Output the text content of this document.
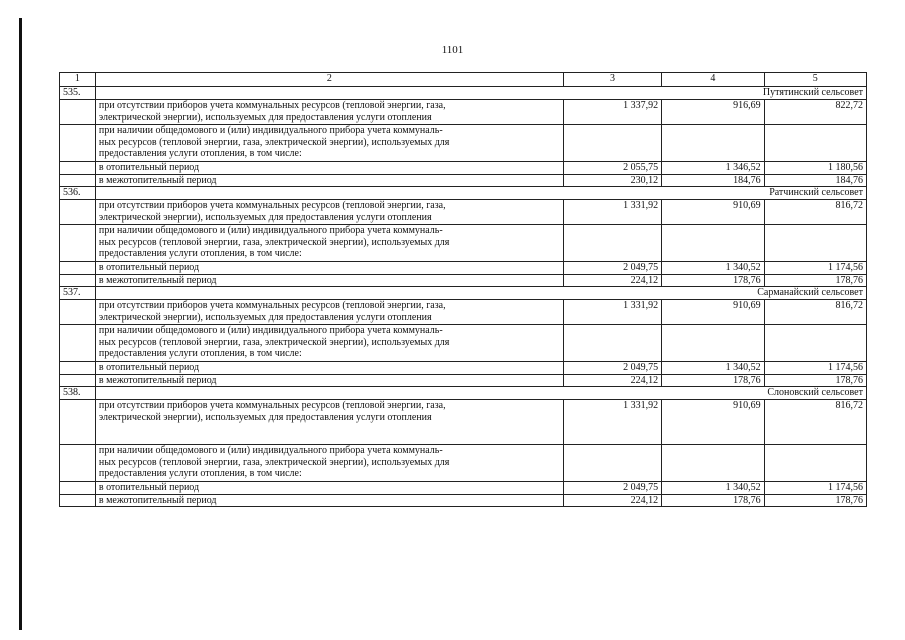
1101
1	2	3	4	5
535.	Путятинский сельсовет			

	при отсутствии приборов учета коммунальных ресурсов (тепловой энергии, газа,
электрической энергии), используемых для предоставления услуги отопления	1 337,92	916,69	822,72

	при наличии общедомового и (или) индивидуального прибора учета коммуналь-
ных ресурсов (тепловой энергии, газа, электрической энергии), используемых для
предоставления услуги отопления, в том числе:			

	в отопительный период	2 055,75	1 346,52	1 180,56
	в межотопительный период	230,12	184,76	184,76
536.	Ратчинский сельсовет			

	при отсутствии приборов учета коммунальных ресурсов (тепловой энергии, газа,
электрической энергии), используемых для предоставления услуги отопления	1 331,92	910,69	816,72

	при наличии общедомового и (или) индивидуального прибора учета коммуналь-
ных ресурсов (тепловой энергии, газа, электрической энергии), используемых для
предоставления услуги отопления, в том числе:			

	в отопительный период	2 049,75	1 340,52	1 174,56
	в межотопительный период	224,12	178,76	178,76
537.	Сарманайский сельсовет			

	при отсутствии приборов учета коммунальных ресурсов (тепловой энергии, газа,
электрической энергии), используемых для предоставления услуги отопления	1 331,92	910,69	816,72

	при наличии общедомового и (или) индивидуального прибора учета коммуналь-
ных ресурсов (тепловой энергии, газа, электрической энергии), используемых для
предоставления услуги отопления, в том числе:			

	в отопительный период	2 049,75	1 340,52	1 174,56
	в межотопительный период	224,12	178,76	178,76
538.	Слоновский сельсовет			

	при отсутствии приборов учета коммунальных ресурсов (тепловой энергии, газа,
электрической энергии), используемых для предоставления услуги отопления	1 331,92	910,69	816,72

	при наличии общедомового и (или) индивидуального прибора учета коммуналь-
ных ресурсов (тепловой энергии, газа, электрической энергии), используемых для
предоставления услуги отопления, в том числе:			

	в отопительный период	2 049,75	1 340,52	1 174,56
	в межотопительный период	224,12	178,76	178,76
